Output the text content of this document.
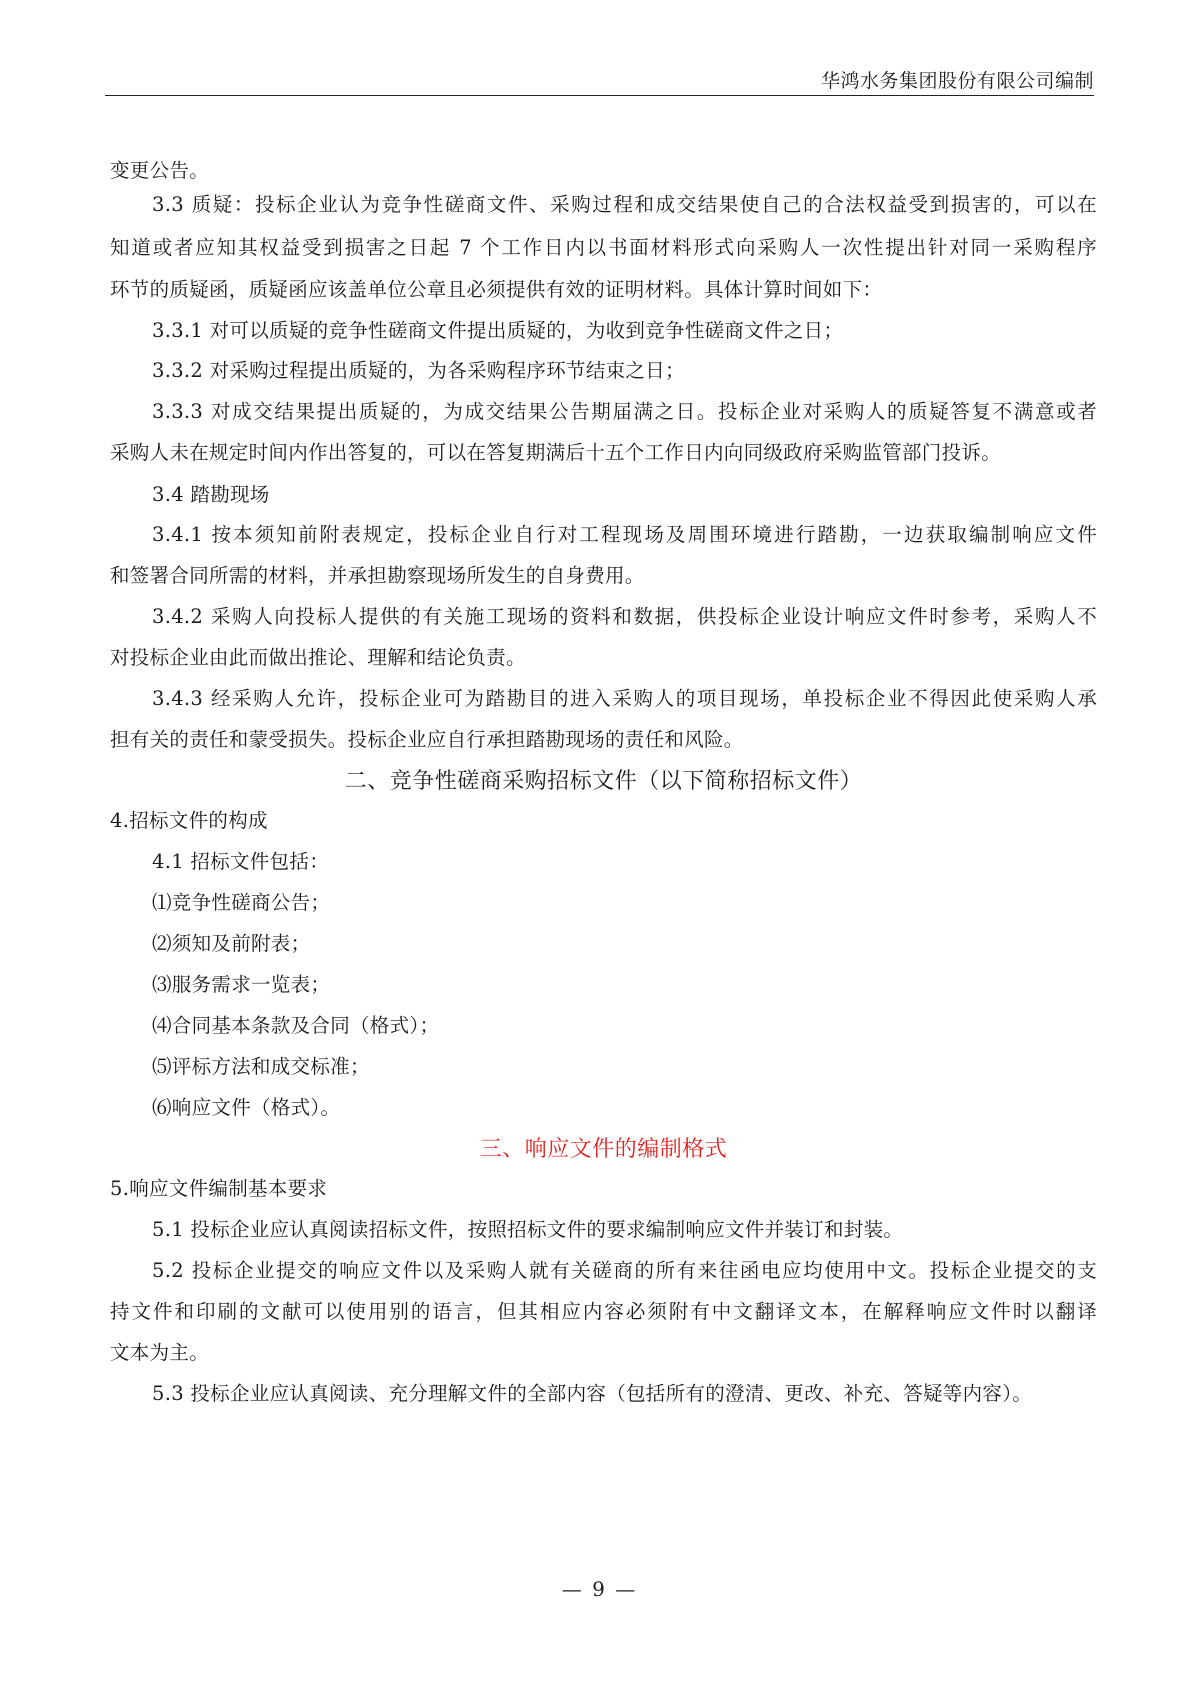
华鸿水务集团股份有限公司编制
变更公告。
3.3 质疑：投标企业认为竞争性磋商文件、采购过程和成交结果使自己的合法权益受到损害的，可以在
知道或者应知其权益受到损害之日起 7 个工作日内以书面材料形式向采购人一次性提出针对同一采购程序
环节的质疑函，质疑函应该盖单位公章且必须提供有效的证明材料。具体计算时间如下：
3.3.1 对可以质疑的竞争性磋商文件提出质疑的，为收到竞争性磋商文件之日；
3.3.2 对采购过程提出质疑的，为各采购程序环节结束之日；
3.3.3 对成交结果提出质疑的，为成交结果公告期届满之日。投标企业对采购人的质疑答复不满意或者
采购人未在规定时间内作出答复的，可以在答复期满后十五个工作日内向同级政府采购监管部门投诉。
3.4 踏勘现场
3.4.1 按本须知前附表规定，投标企业自行对工程现场及周围环境进行踏勘，一边获取编制响应文件
和签署合同所需的材料，并承担勘察现场所发生的自身费用。
3.4.2 采购人向投标人提供的有关施工现场的资料和数据，供投标企业设计响应文件时参考，采购人不
对投标企业由此而做出推论、理解和结论负责。
3.4.3 经采购人允许，投标企业可为踏勘目的进入采购人的项目现场，单投标企业不得因此使采购人承
担有关的责任和蒙受损失。投标企业应自行承担踏勘现场的责任和风险。
二、竞争性磋商采购招标文件（以下简称招标文件）
4.招标文件的构成
4.1 招标文件包括：
⑴竞争性磋商公告；
⑵须知及前附表；
⑶服务需求一览表；
⑷合同基本条款及合同（格式）；
⑸评标方法和成交标准；
⑹响应文件（格式）。
三、响应文件的编制格式
5.响应文件编制基本要求
5.1 投标企业应认真阅读招标文件，按照招标文件的要求编制响应文件并装订和封装。
5.2 投标企业提交的响应文件以及采购人就有关磋商的所有来往函电应均使用中文。投标企业提交的支
持文件和印刷的文献可以使用别的语言，但其相应内容必须附有中文翻译文本，在解释响应文件时以翻译
文本为主。
5.3 投标企业应认真阅读、充分理解文件的全部内容（包括所有的澄清、更改、补充、答疑等内容）。
— 9 —
